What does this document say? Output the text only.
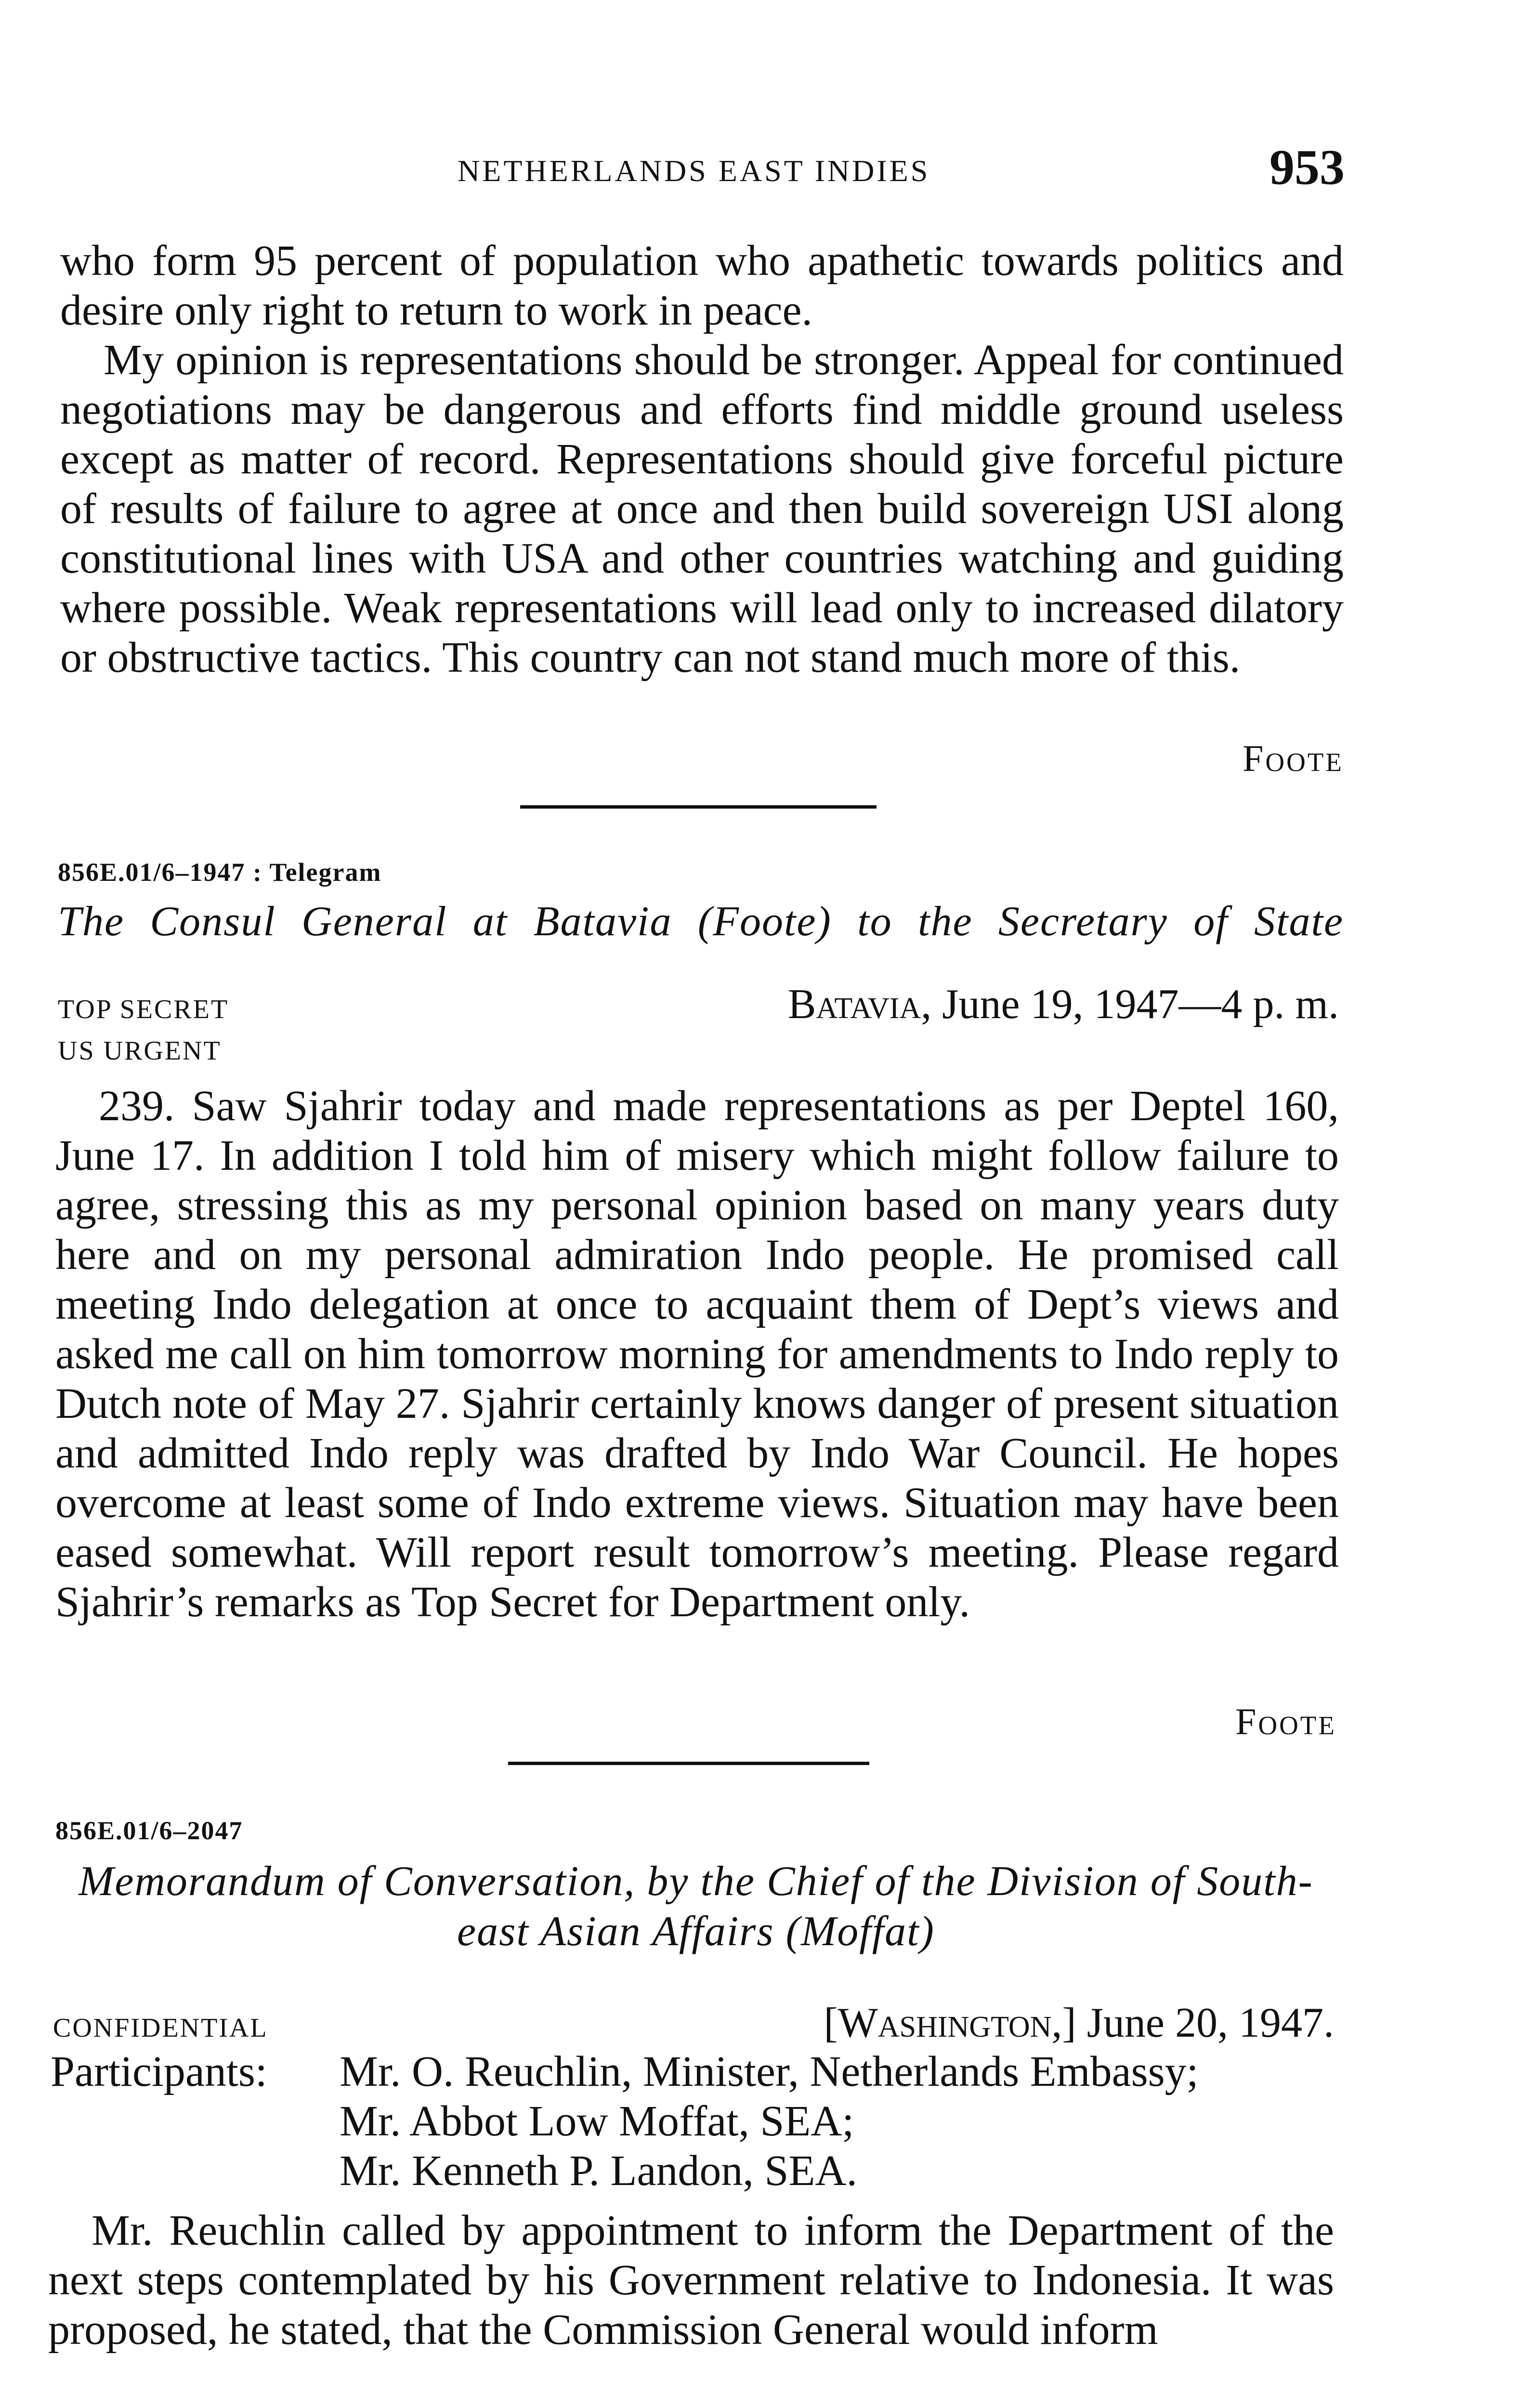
NETHERLANDS EAST INDIES	953

who form 95 percent of population who apathetic towards politics and desire only right to return to work in peace.

My opinion is representations should be stronger. Appeal for continued negotiations may be dangerous and efforts find middle ground useless except as matter of record. Representations should give forceful picture of results of failure to agree at once and then build sovereign USI along constitutional lines with USA and other countries watching and guiding where possible. Weak representations will lead only to increased dilatory or obstructive tactics. This country can not stand much more of this.

Foote
856E.01/6–1947 : Telegram
The Consul General at Batavia (Foote) to the Secretary of State
TOP SECRET	Batavia, June 19, 1947—4 p. m.
US URGENT

239. Saw Sjahrir today and made representations as per Deptel 160, June 17. In addition I told him of misery which might follow failure to agree, stressing this as my personal opinion based on many years duty here and on my personal admiration Indo people. He promised call meeting Indo delegation at once to acquaint them of Dept’s views and asked me call on him tomorrow morning for amendments to Indo reply to Dutch note of May 27. Sjahrir certainly knows danger of present situation and admitted Indo reply was drafted by Indo War Council. He hopes overcome at least some of Indo extreme views. Situation may have been eased somewhat. Will report result tomorrow’s meeting. Please regard Sjahrir’s remarks as Top Secret for Department only.

Foote
856E.01/6–2047
Memorandum of Conversation, by the Chief of the Division of South-
east Asian Affairs (Moffat)
CONFIDENTIAL	[Washington,] June 20, 1947.
Participants:	Mr. O. Reuchlin, Minister, Netherlands Embassy;
Mr. Abbot Low Moffat, SEA;
Mr. Kenneth P. Landon, SEA.

Mr. Reuchlin called by appointment to inform the Department of the next steps contemplated by his Government relative to Indonesia. It was proposed, he stated, that the Commission General would inform
